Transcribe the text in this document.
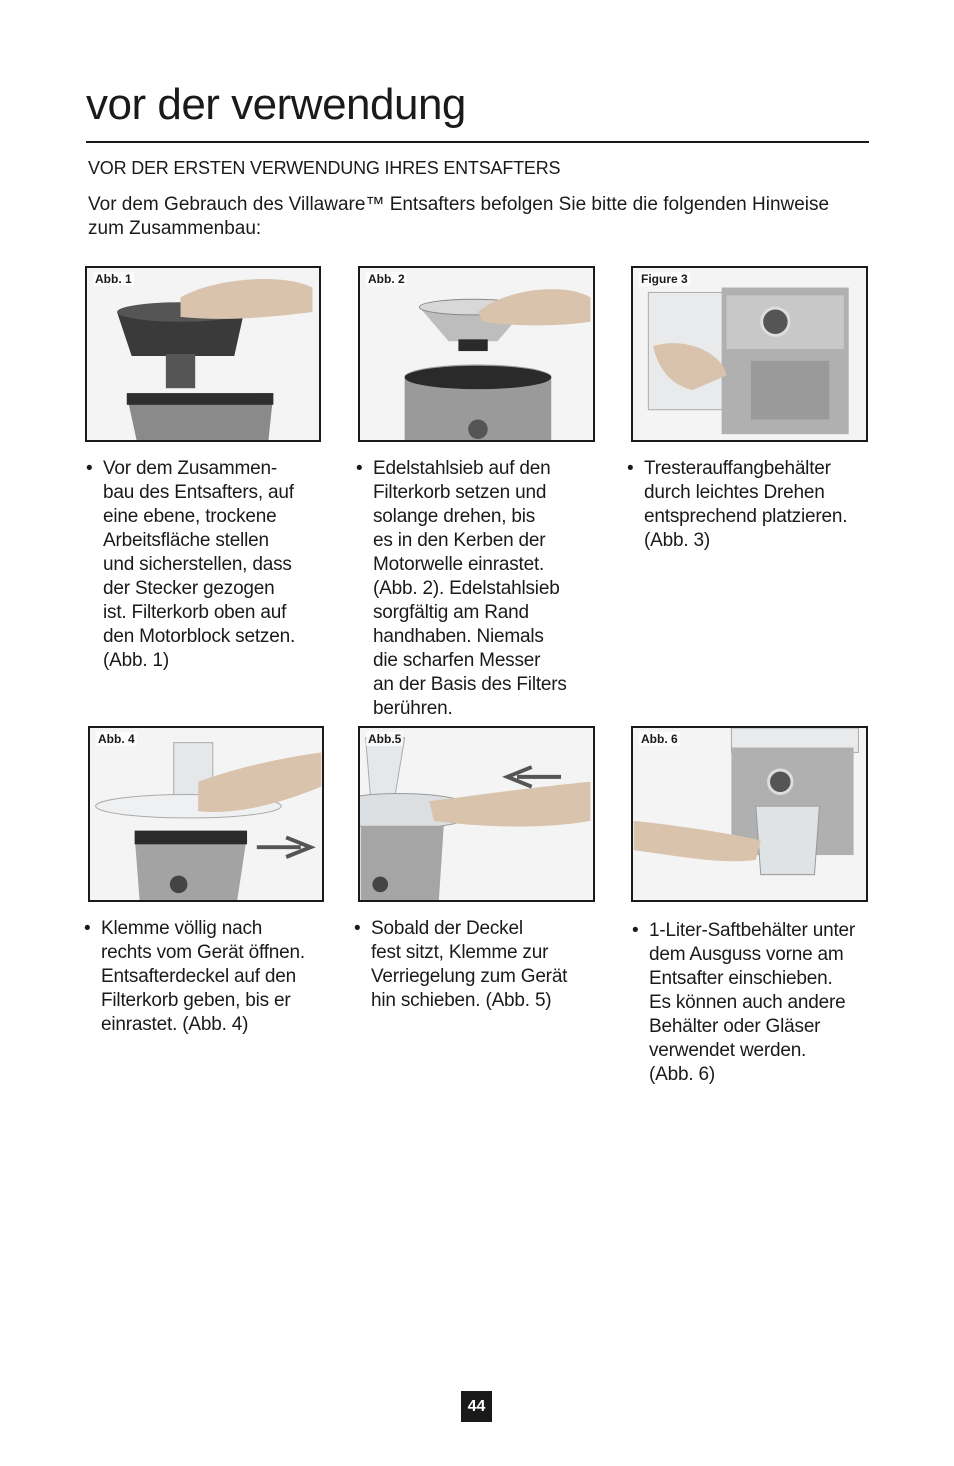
vor der verwendung
VOR DER ERSTEN VERWENDUNG IHRES ENTSAFTERS
Vor dem Gebrauch des Villaware™ Entsafters befolgen Sie bitte die folgenden Hinweise zum Zusammenbau:
Abb. 1	Abb. 2	Figure 3
Abb. 4	Abb.5	Abb. 6
• Vor dem Zusammen-

bau des Entsafters, auf

eine ebene, trockene

Arbeitsfläche stellen

und sicherstellen, dass

der Stecker gezogen

ist. Filterkorb oben auf

den Motorblock setzen.

(Abb. 1)

• Edelstahlsieb auf den

Filterkorb setzen und

solange drehen, bis

es in den Kerben der

Motorwelle einrastet.

(Abb. 2). Edelstahlsieb

sorgfältig am Rand

handhaben. Niemals

die scharfen Messer

an der Basis des Filters

berühren.

• Tresterauffangbehälter

durch leichtes Drehen

entsprechend platzieren.

(Abb. 3)

• Klemme völlig nach

rechts vom Gerät öffnen.

Entsafterdeckel auf den

Filterkorb geben, bis er

einrastet. (Abb. 4)

• Sobald der Deckel

fest sitzt, Klemme zur

Verriegelung zum Gerät

hin schieben. (Abb. 5)

• 1-Liter-Saftbehälter unter

dem Ausguss vorne am

Entsafter einschieben.

Es können auch andere

Behälter oder Gläser

verwendet werden.

(Abb. 6)

44
